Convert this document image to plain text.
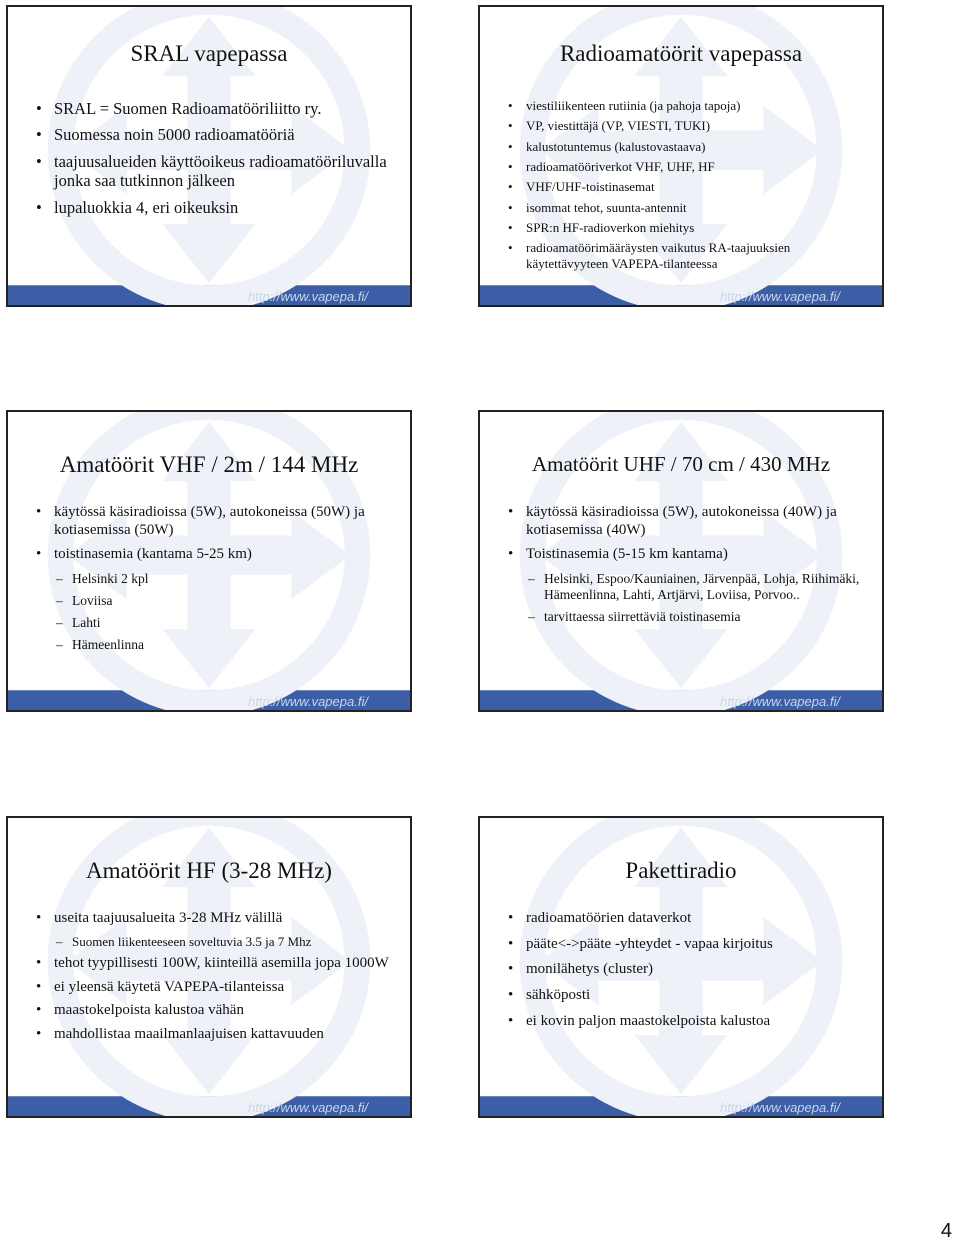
http://www.vapepa.fi/
SRAL vapepassa
• SRAL = Suomen Radioamatööriliitto ry.
• Suomessa noin 5000 radioamatööriä
• taajuusalueiden käyttöoikeus radioamatööriluvalla jonka saa tutkinnon jälkeen
• lupaluokkia 4, eri oikeuksin
http://www.vapepa.fi/
Radioamatöörit vapepassa
• viestiliikenteen rutiinia (ja pahoja tapoja)
• VP, viestittäjä (VP, VIESTI, TUKI)
• kalustotuntemus (kalustovastaava)
• radioamatööriverkot VHF, UHF, HF
• VHF/UHF-toistinasemat
• isommat tehot, suunta-antennit
• SPR:n HF-radioverkon miehitys
• radioamatöörimääräysten vaikutus RA-taajuuksien käytettävyyteen VAPEPA-tilanteessa
http://www.vapepa.fi/
Amatöörit VHF / 2m / 144 MHz
• käytössä käsiradioissa (5W), autokoneissa (50W) ja kotiasemissa (50W)
• toistinasemia (kantama 5-25 km)
– Helsinki 2 kpl
– Loviisa
– Lahti
– Hämeenlinna
http://www.vapepa.fi/
Amatöörit UHF / 70 cm / 430 MHz
• käytössä käsiradioissa (5W), autokoneissa (40W) ja kotiasemissa (40W)
• Toistinasemia (5-15 km kantama)
– Helsinki, Espoo/Kauniainen, Järvenpää, Lohja, Riihimäki, Hämeenlinna, Lahti, Artjärvi, Loviisa, Porvoo..
– tarvittaessa siirrettäviä toistinasemia
http://www.vapepa.fi/
Amatöörit HF (3-28 MHz)
• useita taajuusalueita 3-28 MHz välillä
– Suomen liikenteeseen soveltuvia 3.5 ja 7 Mhz
• tehot tyypillisesti 100W, kiinteillä asemilla jopa 1000W
• ei yleensä käytetä VAPEPA-tilanteissa
• maastokelpoista kalustoa vähän
• mahdollistaa maailmanlaajuisen kattavuuden
http://www.vapepa.fi/
Pakettiradio
• radioamatöörien dataverkot
• pääte<->pääte -yhteydet - vapaa kirjoitus
• monilähetys (cluster)
• sähköposti
• ei kovin paljon maastokelpoista kalustoa
4
